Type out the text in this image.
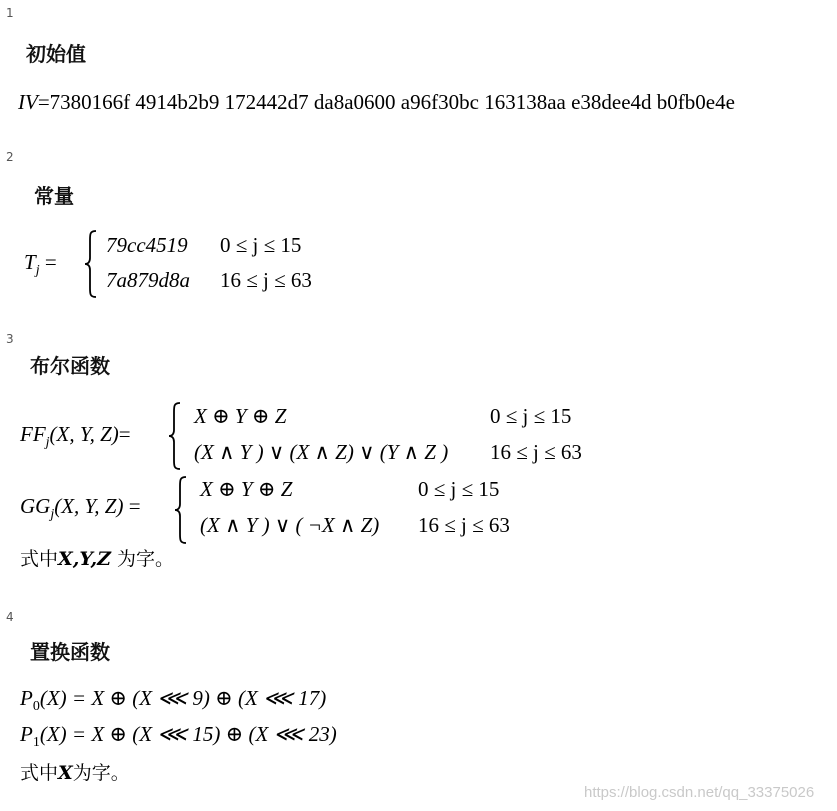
1
初始值
IV=7380166f 4914b2b9 172442d7 da8a0600 a96f30bc 163138aa e38dee4d b0fb0e4e
2
常量
$T_j$ =
79cc4519 0 ≤ j ≤ 15
7a879d8a 16 ≤ j ≤ 63
3
布尔函数
$FF_j(X$, Y, Z)=
X ⊕ Y ⊕ Z	0 ≤ j ≤ 15
(X ∧ Y ) ∨ (X ∧ Z) ∨ (Y ∧ Z ) 16 ≤ j ≤ 63
$GG_j(X$, Y, Z) =
X ⊕ Y ⊕ Z	0 ≤ j ≤ 15
(X ∧ Y ) ∨ ( ¬X ∧ Z) 16 ≤ j ≤ 63
式中X,Y,Z 为字。
4
置换函数
$P_0(X) = X$ ⊕ (X ⋘ 9) ⊕ (X ⋘ 17)
$P_1(X) = X$ ⊕ (X ⋘ 15) ⊕ (X ⋘ 23)
式中X为字。
https://blog.csdn.net/qq_33375026
